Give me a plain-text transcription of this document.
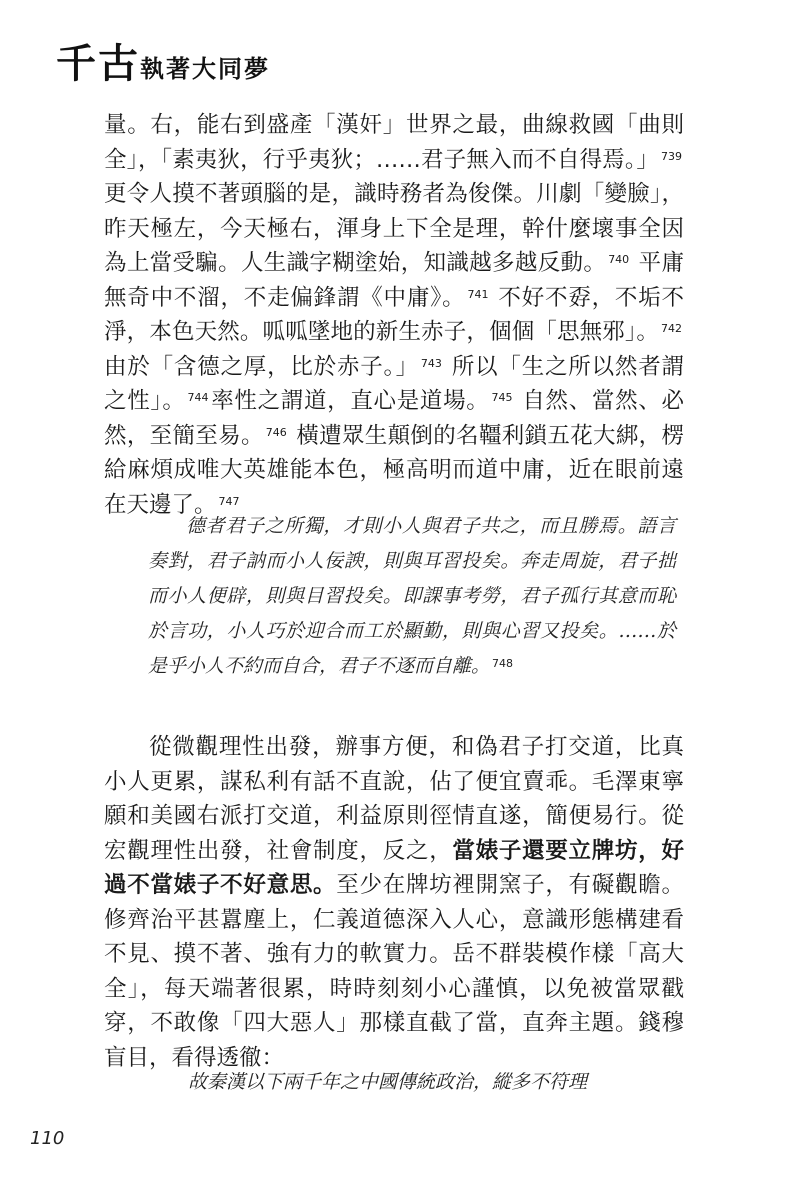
千古執著大同夢

量。右，能右到盛產「漢奸」世界之最，曲線救國「曲則全」，「素夷狄，行乎夷狄；……君子無入而不自得焉。」 $^{739}$更令人摸不著頭腦的是，識時務者為俊傑。川劇「變臉」，昨天極左，今天極右，渾身上下全是理，幹什麼壞事全因為上當受騙。人生識字糊塗始，知識越多越反動。 $^{740}$ 平庸無奇中不溜，不走偏鋒謂《中庸》。 $^{741}$ 不好不孬，不垢不淨，本色天然。呱呱墜地的新生赤子，個個「思無邪」。 $^{742}$ 由於「含德之厚，比於赤子。」 $^{743}$ 所以「生之所以然者謂之性」。 $^{744}$率性之謂道，直心是道場。 $^{745}$ 自然、當然、必然，至簡至易。 $^{746}$ 橫遭眾生顛倒的名韁利鎖五花大綁，楞給麻煩成唯大英雄能本色，極高明而道中庸，近在眼前遠在天邊了。 $^{747}$

德者君子之所獨，才則小人與君子共之，而且勝焉。語言奏對，君子訥而小人佞諛，則與耳習投矣。奔走周旋，君子拙而小人便辟，則與目習投矣。即課事考勞，君子孤行其意而恥於言功，小人巧於迎合而工於顯勤，則與心習又投矣。……於是乎小人不約而自合，君子不逐而自離。 $^{748}$

從微觀理性出發，辦事方便，和偽君子打交道，比真小人更累，謀私利有話不直說，佔了便宜賣乖。毛澤東寧願和美國右派打交道，利益原則徑情直遂，簡便易行。從宏觀理性出發，社會制度，反之，當婊子還要立牌坊，好過不當婊子不好意思。至少在牌坊裡開窯子，有礙觀瞻。修齊治平甚囂塵上，仁義道德深入人心，意識形態構建看不見、摸不著、強有力的軟實力。岳不群裝模作樣「高大全」，每天端著很累，時時刻刻小心謹慎，以免被當眾戳穿，不敢像「四大惡人」那樣直截了當，直奔主題。錢穆盲目，看得透徹：

故秦漢以下兩千年之中國傳統政治，縱多不符理

110
